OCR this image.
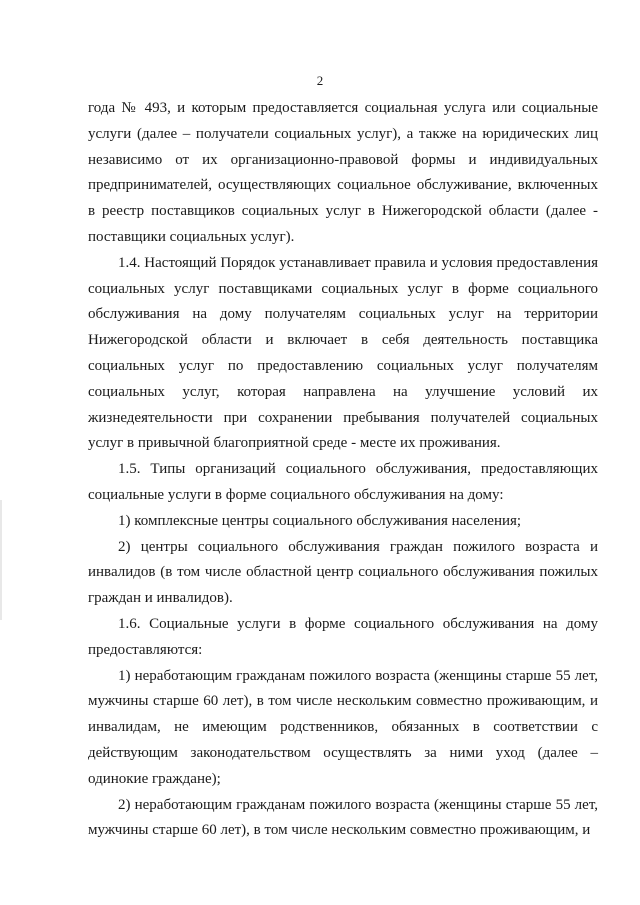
2

года № 493, и которым предоставляется социальная услуга или социальные услуги (далее – получатели социальных услуг), а также на юридических лиц независимо от их организационно-правовой формы и индивидуальных предпринимателей, осуществляющих социальное обслуживание, включенных в реестр поставщиков социальных услуг в Нижегородской области (далее - поставщики социальных услуг).

1.4. Настоящий Порядок устанавливает правила и условия предоставления социальных услуг поставщиками социальных услуг в форме социального обслуживания на дому получателям социальных услуг на территории Нижегородской области и включает в себя деятельность поставщика социальных услуг по предоставлению социальных услуг получателям социальных услуг, которая направлена на улучшение условий их жизнедеятельности при сохранении пребывания получателей социальных услуг в привычной благоприятной среде - месте их проживания.

1.5. Типы организаций социального обслуживания, предоставляющих социальные услуги в форме социального обслуживания на дому:

1) комплексные центры социального обслуживания населения;

2) центры социального обслуживания граждан пожилого возраста и инвалидов (в том числе областной центр социального обслуживания пожилых граждан и инвалидов).

1.6. Социальные услуги в форме социального обслуживания на дому предоставляются:

1) неработающим гражданам пожилого возраста (женщины старше 55 лет, мужчины старше 60 лет), в том числе нескольким совместно проживающим, и инвалидам, не имеющим родственников, обязанных в соответствии с действующим законодательством осуществлять за ними уход (далее – одинокие граждане);

2) неработающим гражданам пожилого возраста (женщины старше 55 лет, мужчины старше 60 лет), в том числе нескольким совместно проживающим, и
